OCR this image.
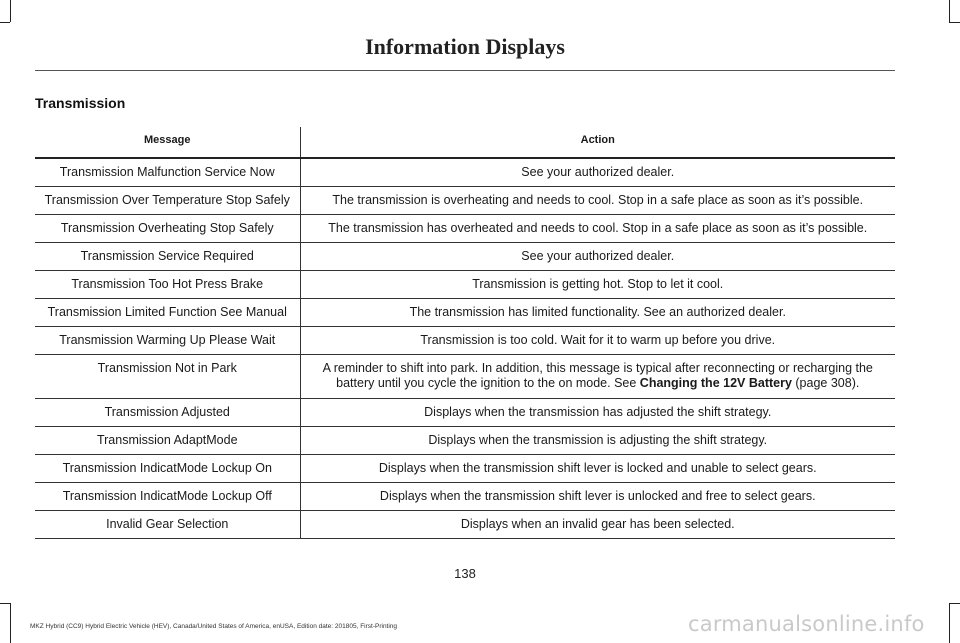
Information Displays
Transmission
Message	Action
Transmission Malfunction Service Now	See your authorized dealer.
Transmission Over Temperature Stop Safely	The transmission is overheating and needs to cool. Stop in a safe place as soon as it’s possible.
Transmission Overheating Stop Safely	The transmission has overheated and needs to cool. Stop in a safe place as soon as it’s possible.
Transmission Service Required	See your authorized dealer.
Transmission Too Hot Press Brake	Transmission is getting hot. Stop to let it cool.
Transmission Limited Function See Manual	The transmission has limited functionality. See an authorized dealer.
Transmission Warming Up Please Wait	Transmission is too cold. Wait for it to warm up before you drive.
Transmission Not in Park	A reminder to shift into park. In addition, this message is typical after reconnecting or recharging the battery until you cycle the ignition to the on mode. See Changing the 12V Battery (page 308).
Transmission Adjusted	Displays when the transmission has adjusted the shift strategy.
Transmission AdaptMode	Displays when the transmission is adjusting the shift strategy.
Transmission IndicatMode Lockup On	Displays when the transmission shift lever is locked and unable to select gears.
Transmission IndicatMode Lockup Off	Displays when the transmission shift lever is unlocked and free to select gears.
Invalid Gear Selection	Displays when an invalid gear has been selected.
138
MKZ Hybrid (CC9) Hybrid Electric Vehicle (HEV), Canada/United States of America, enUSA, Edition date: 201805, First-Printing	carmanualsonline.info
